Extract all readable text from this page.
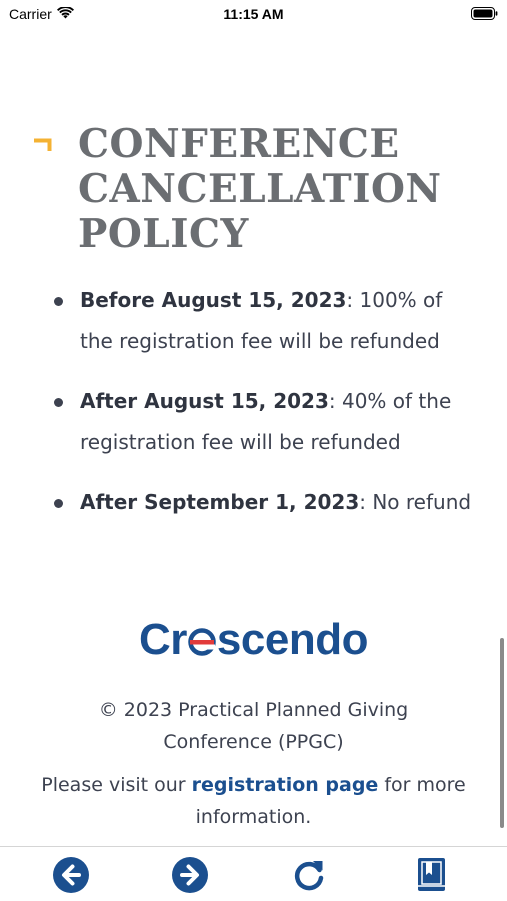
Carrier	11:15 AM
CONFERENCE CANCELLATION POLICY
Before August 15, 2023: 100% of the registration fee will be refunded
After August 15, 2023: 40% of the registration fee will be refunded
After September 1, 2023: No refund
Cr scendo

© 2023 Practical Planned Giving Conference (PPGC)

Please visit our registration page for more information.
